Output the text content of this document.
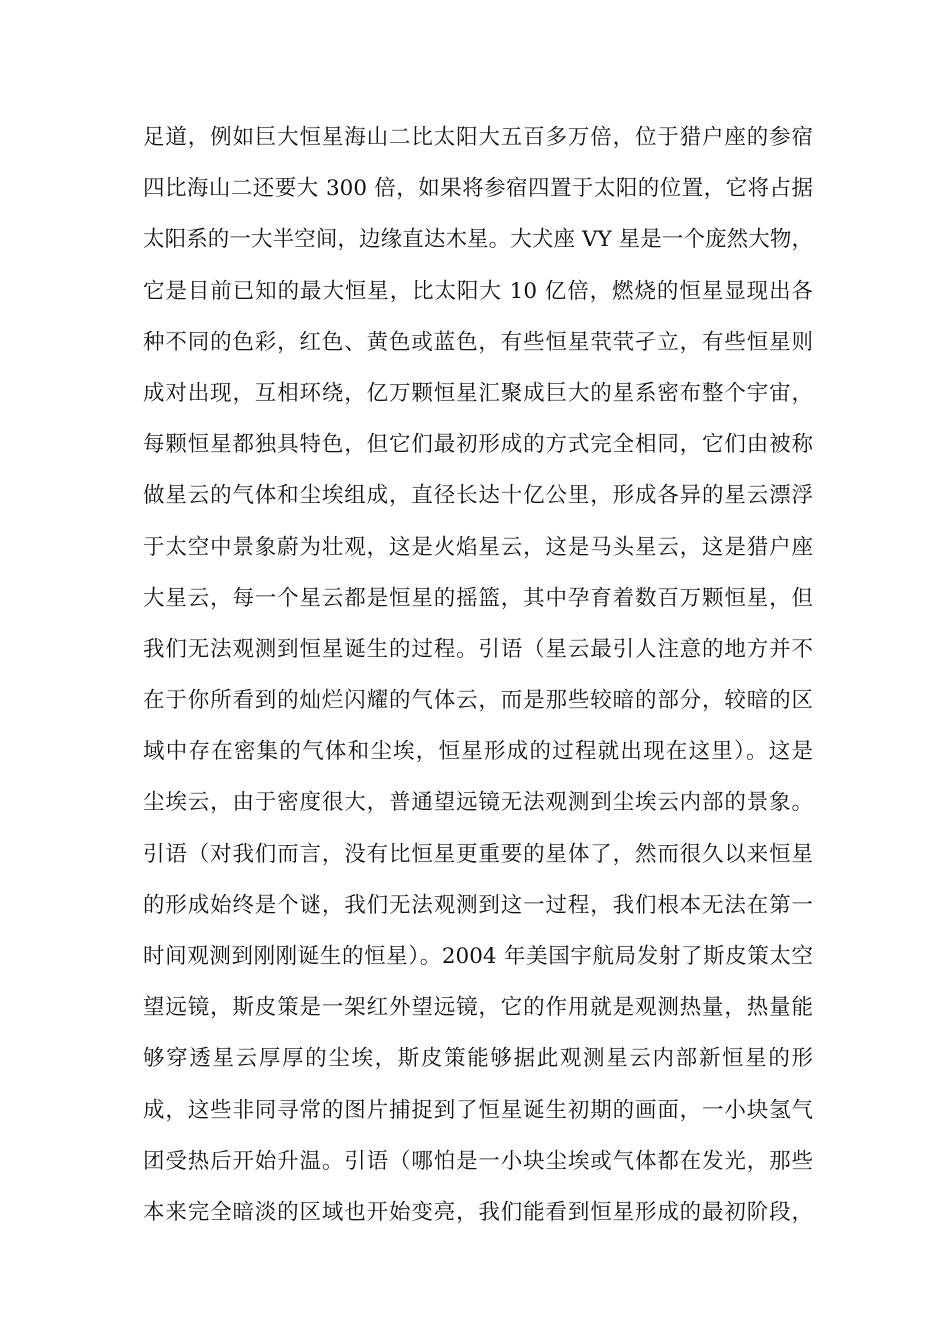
足道，例如巨大恒星海山二比太阳大五百多万倍，位于猎户座的参宿
四比海山二还要大 300 倍，如果将参宿四置于太阳的位置，它将占据
太阳系的一大半空间，边缘直达木星。大犬座 VY 星是一个庞然大物，
它是目前已知的最大恒星，比太阳大 10 亿倍，燃烧的恒星显现出各
种不同的色彩，红色、黄色或蓝色，有些恒星茕茕孑立，有些恒星则
成对出现，互相环绕，亿万颗恒星汇聚成巨大的星系密布整个宇宙，
每颗恒星都独具特色，但它们最初形成的方式完全相同，它们由被称
做星云的气体和尘埃组成，直径长达十亿公里，形成各异的星云漂浮
于太空中景象蔚为壮观，这是火焰星云，这是马头星云，这是猎户座
大星云，每一个星云都是恒星的摇篮，其中孕育着数百万颗恒星，但
我们无法观测到恒星诞生的过程。引语（星云最引人注意的地方并不
在于你所看到的灿烂闪耀的气体云，而是那些较暗的部分，较暗的区
域中存在密集的气体和尘埃，恒星形成的过程就出现在这里）。这是
尘埃云，由于密度很大，普通望远镜无法观测到尘埃云内部的景象。
引语（对我们而言，没有比恒星更重要的星体了，然而很久以来恒星
的形成始终是个谜，我们无法观测到这一过程，我们根本无法在第一
时间观测到刚刚诞生的恒星）。2004 年美国宇航局发射了斯皮策太空
望远镜，斯皮策是一架红外望远镜，它的作用就是观测热量，热量能
够穿透星云厚厚的尘埃，斯皮策能够据此观测星云内部新恒星的形
成，这些非同寻常的图片捕捉到了恒星诞生初期的画面，一小块氢气
团受热后开始升温。引语（哪怕是一小块尘埃或气体都在发光，那些
本来完全暗淡的区域也开始变亮，我们能看到恒星形成的最初阶段，
